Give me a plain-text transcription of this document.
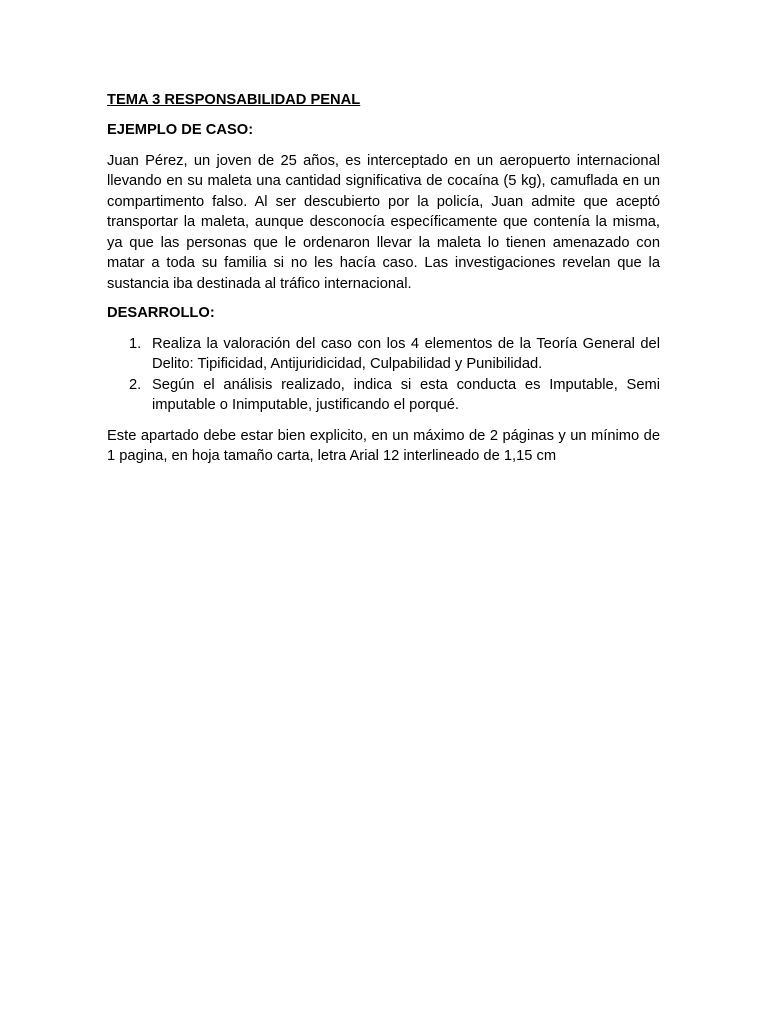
TEMA 3 RESPONSABILIDAD PENAL

EJEMPLO DE CASO:

Juan Pérez, un joven de 25 años, es interceptado en un aeropuerto internacional llevando en su maleta una cantidad significativa de cocaína (5 kg), camuflada en un compartimento falso. Al ser descubierto por la policía, Juan admite que aceptó transportar la maleta, aunque desconocía específicamente que contenía la misma, ya que las personas que le ordenaron llevar la maleta lo tienen amenazado con matar a toda su familia si no les hacía caso. Las investigaciones revelan que la sustancia iba destinada al tráfico internacional.

DESARROLLO:

1. Realiza la valoración del caso con los 4 elementos de la Teoría General del Delito: Tipificidad, Antijuridicidad, Culpabilidad y Punibilidad.
2. Según el análisis realizado, indica si esta conducta es Imputable, Semi imputable o Inimputable, justificando el porqué.

Este apartado debe estar bien explicito, en un máximo de 2 páginas y un mínimo de 1 pagina, en hoja tamaño carta, letra Arial 12 interlineado de 1,15 cm
